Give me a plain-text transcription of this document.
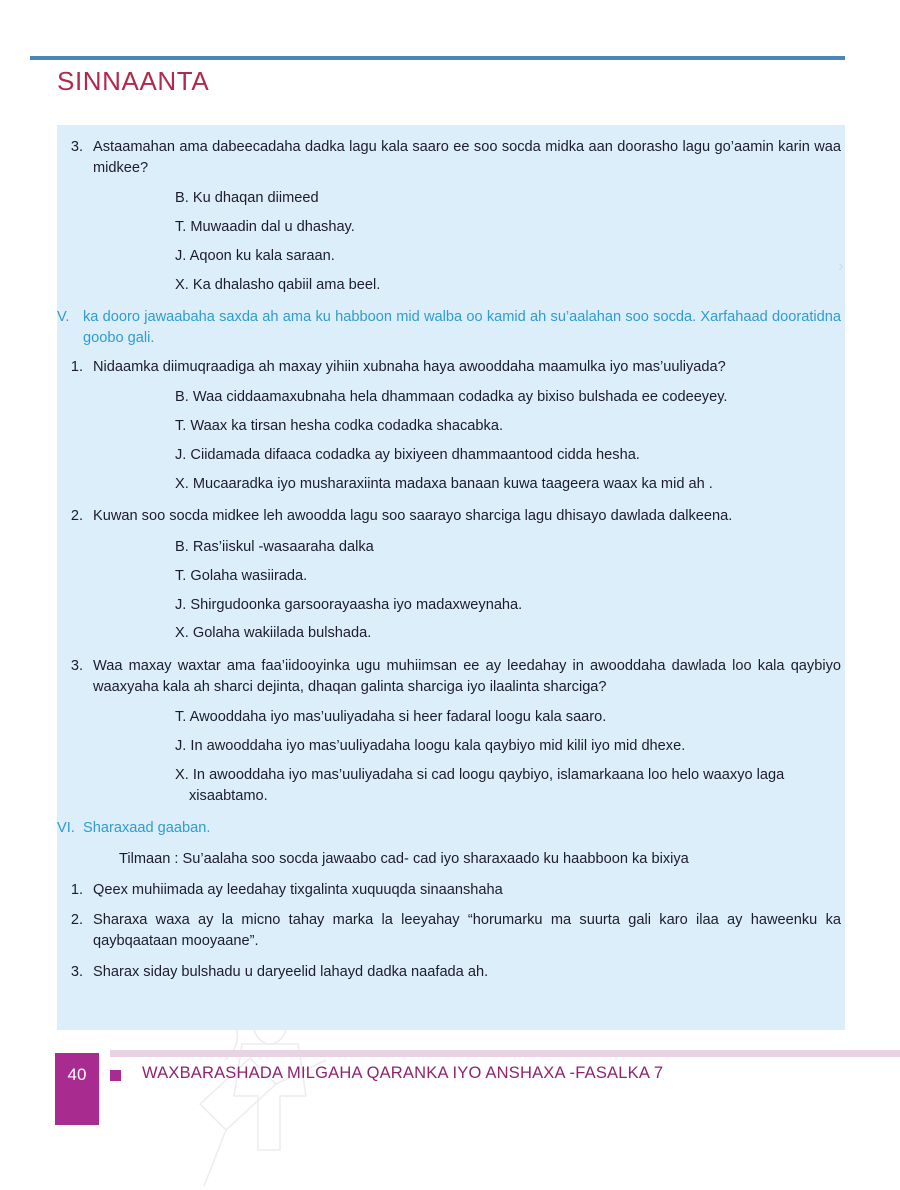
SINNAANTA
›
3. Astaamahan ama dabeecadaha dadka lagu kala saaro ee soo socda midka aan doorasho lagu go’aamin karin waa midkee?
B. Ku dhaqan diimeed
T. Muwaadin dal u dhashay.
J. Aqoon ku kala saraan.
X. Ka dhalasho qabiil ama beel.
V. ka dooro jawaabaha saxda ah ama ku habboon mid walba oo kamid ah su’aalahan soo socda. Xarfahaad dooratidna goobo gali.
1. Nidaamka diimuqraadiga ah maxay yihiin xubnaha haya awooddaha maamulka iyo mas’uuliyada?
B. Waa ciddaamaxubnaha hela dhammaan codadka ay bixiso bulshada ee codeeyey.
T. Waax ka tirsan hesha codka codadka shacabka.
J. Ciidamada difaaca codadka ay bixiyeen dhammaantood cidda hesha.
X. Mucaaradka iyo musharaxiinta madaxa banaan kuwa taageera waax ka mid ah .
2. Kuwan soo socda midkee leh awoodda lagu soo saarayo sharciga lagu dhisayo dawlada dalkeena.
B. Ras’iiskul -wasaaraha dalka
T. Golaha wasiirada.
J. Shirgudoonka garsoorayaasha iyo madaxweynaha.
X. Golaha wakiilada bulshada.
3. Waa maxay waxtar ama faa’iidooyinka ugu muhiimsan ee ay leedahay in awooddaha dawlada loo kala qaybiyo waaxyaha kala ah sharci dejinta, dhaqan galinta sharciga iyo ilaalinta sharciga?
T. Awooddaha iyo mas’uuliyadaha si heer fadaral loogu kala saaro.
J. In awooddaha iyo mas’uuliyadaha loogu kala qaybiyo mid kilil iyo mid dhexe.
X. In awooddaha iyo mas’uuliyadaha si cad loogu qaybiyo, islamarkaana loo helo waaxyo laga xisaabtamo.
VI. Sharaxaad gaaban.
Tilmaan : Su’aalaha soo socda jawaabo cad- cad iyo sharaxaado ku haabboon ka bixiya
1. Qeex muhiimada ay leedahay tixgalinta xuquuqda sinaanshaha
2. Sharaxa waxa ay la micno tahay marka la leeyahay “horumarku ma suurta gali karo ilaa ay haweenku ka qaybqaataan mooyaane”.
3. Sharax siday bulshadu u daryeelid lahayd dadka naafada ah.
40	WAXBARASHADA MILGAHA QARANKA IYO ANSHAXA -FASALKA 7
